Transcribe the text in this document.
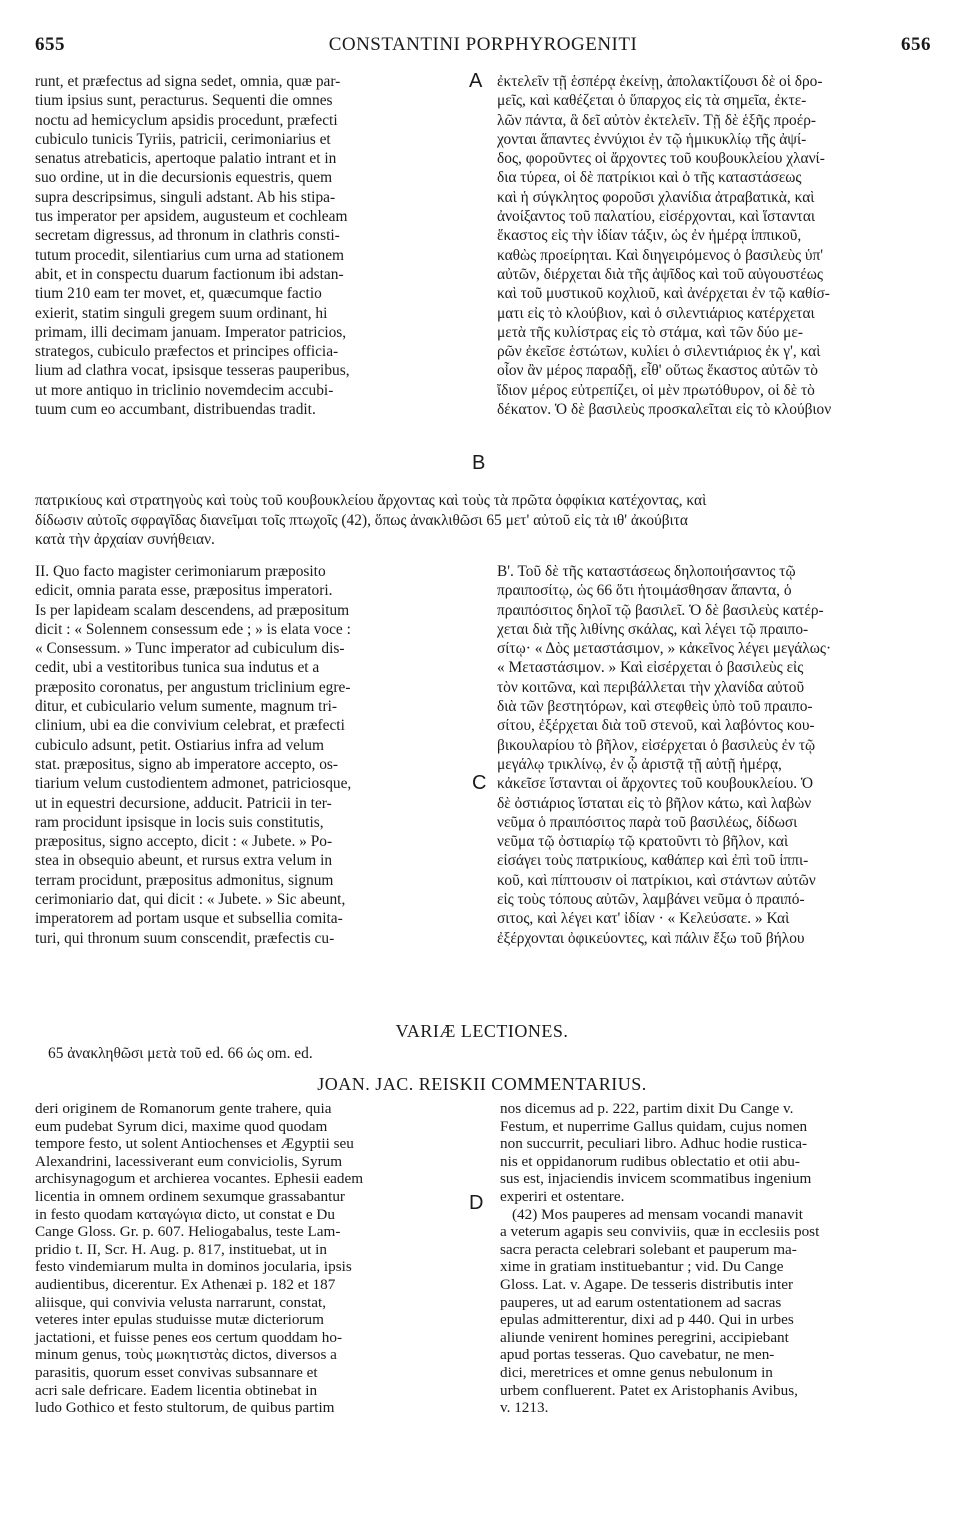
655	CONSTANTINI PORPHYROGENITI	656
A
B
C
D

runt, et præfectus ad signa sedet, omnia, quæ par-

tium ipsius sunt, peracturus. Sequenti die omnes

noctu ad hemicyclum apsidis procedunt, præfecti

cubiculo tunicis Tyriis, patricii, cerimoniarius et

senatus atrebaticis, apertoque palatio intrant et in

suo ordine, ut in die decursionis equestris, quem

supra descripsimus, singuli adstant. Ab his stipa-

tus imperator per apsidem, augusteum et cochleam

secretam digressus, ad thronum in clathris consti-

tutum procedit, silentiarius cum urna ad stationem

abit, et in conspectu duarum factionum ibi adstan-

tium 210 eam ter movet, et, quæcumque factio

exierit, statim singuli gregem suum ordinant, hi

primam, illi decimam januam. Imperator patricios,

strategos, cubiculo præfectos et principes officia-

lium ad clathra vocat, ipsisque tesseras pauperibus,

ut more antiquo in triclinio novemdecim accubi-

tuum cum eo accumbant, distribuendas tradit.

ἐκτελεῖν τῇ ἑσπέρᾳ ἐκείνῃ, ἀπολακτίζουσι δὲ οἱ δρο-

μεῖς, καὶ καθέζεται ὁ ὕπαρχος εἰς τὰ σημεῖα, ἐκτε-

λῶν πάντα, ἃ δεῖ αὐτὸν ἐκτελεῖν. Τῇ δὲ ἑξῆς προέρ-

χονται ἅπαντες ἐννύχιοι ἐν τῷ ἡμικυκλίῳ τῆς ἀψί-

δος, φοροῦντες οἱ ἄρχοντες τοῦ κουβουκλείου χλανί-

δια τύρεα, οἱ δὲ πατρίκιοι καὶ ὁ τῆς καταστάσεως

καὶ ἡ σύγκλητος φοροῦσι χλανίδια ἀτραβατικὰ, καὶ

ἀνοίξαντος τοῦ παλατίου, εἰσέρχονται, καὶ ἵστανται

ἕκαστος εἰς τὴν ἰδίαν τάξιν, ὡς ἐν ἡμέρᾳ ἱππικοῦ,

καθὼς προείρηται. Καὶ διηγειρόμενος ὁ βασιλεὺς ὑπ'

αὐτῶν, διέρχεται διὰ τῆς ἀψῖδος καὶ τοῦ αὐγουστέως

καὶ τοῦ μυστικοῦ κοχλιοῦ, καὶ ἀνέρχεται ἐν τῷ καθίσ-

ματι εἰς τὸ κλούβιον, καὶ ὁ σιλεντιάριος κατέρχεται

μετὰ τῆς κυλίστρας εἰς τὸ στάμα, καὶ τῶν δύο με-

ρῶν ἐκεῖσε ἑστώτων, κυλίει ὁ σιλεντιάριος ἐκ γ', καὶ

οἷον ἂν μέρος παραδῇ, εἶθ' οὕτως ἕκαστος αὐτῶν τὸ

ἴδιον μέρος εὐτρεπίζει, οἱ μὲν πρωτόθυρον, οἱ δὲ τὸ

δέκατον. Ὁ δὲ βασιλεὺς προσκαλεῖται εἰς τὸ κλούβιον

πατρικίους καὶ στρατηγοὺς καὶ τοὺς τοῦ κουβουκλείου ἄρχοντας καὶ τοὺς τὰ πρῶτα ὀφφίκια κατέχοντας, καὶ

δίδωσιν αὐτοῖς σφραγῖδας διανεῖμαι τοῖς πτωχοῖς (42), ὅπως ἀνακλιθῶσι 65 μετ' αὐτοῦ εἰς τὰ ιθ' ἀκούβιτα

κατὰ τὴν ἀρχαίαν συνήθειαν.

II. Quo facto magister cerimoniarum præposito

edicit, omnia parata esse, præpositus imperatori.

Is per lapideam scalam descendens, ad præpositum

dicit : « Solennem consessum ede ; » is elata voce :

« Consessum. » Tunc imperator ad cubiculum dis-

cedit, ubi a vestitoribus tunica sua indutus et a

præposito coronatus, per angustum triclinium egre-

ditur, et cubiculario velum sumente, magnum tri-

clinium, ubi ea die convivium celebrat, et præfecti

cubiculo adsunt, petit. Ostiarius infra ad velum

stat. præpositus, signo ab imperatore accepto, os-

tiarium velum custodientem admonet, patriciosque,

ut in equestri decursione, adducit. Patricii in ter-

ram procidunt ipsisque in locis suis constitutis,

præpositus, signo accepto, dicit : « Jubete. » Po-

stea in obsequio abeunt, et rursus extra velum in

terram procidunt, præpositus admonitus, signum

cerimoniario dat, qui dicit : « Jubete. » Sic abeunt,

imperatorem ad portam usque et subsellia comita-

turi, qui thronum suum conscendit, præfectis cu-

Β'. Τοῦ δὲ τῆς καταστάσεως δηλοποιήσαντος τῷ

πραιποσίτῳ, ὡς 66 ὅτι ἡτοιμάσθησαν ἅπαντα, ὁ

πραιπόσιτος δηλοῖ τῷ βασιλεῖ. Ὁ δὲ βασιλεὺς κατέρ-

χεται διὰ τῆς λιθίνης σκάλας, καὶ λέγει τῷ πραιπο-

σίτῳ· « Δὸς μεταστάσιμον, » κἀκεῖνος λέγει μεγάλως·

« Μεταστάσιμον. » Καὶ εἰσέρχεται ὁ βασιλεὺς εἰς

τὸν κοιτῶνα, καὶ περιβάλλεται τὴν χλανίδα αὐτοῦ

διὰ τῶν βεστητόρων, καὶ στεφθεὶς ὑπὸ τοῦ πραιπο-

σίτου, ἐξέρχεται διὰ τοῦ στενοῦ, καὶ λαβόντος κου-

βικουλαρίου τὸ βῆλον, εἰσέρχεται ὁ βασιλεὺς ἐν τῷ

μεγάλῳ τρικλίνῳ, ἐν ᾧ ἀριστᾷ τῇ αὐτῇ ἡμέρᾳ,

κἀκεῖσε ἵστανται οἱ ἄρχοντες τοῦ κουβουκλείου. Ὁ

δὲ ὀστιάριος ἵσταται εἰς τὸ βῆλον κάτω, καὶ λαβὼν

νεῦμα ὁ πραιπόσιτος παρὰ τοῦ βασιλέως, δίδωσι

νεῦμα τῷ ὀστιαρίῳ τῷ κρατοῦντι τὸ βῆλον, καὶ

εἰσάγει τοὺς πατρικίους, καθάπερ καὶ ἐπὶ τοῦ ἱππι-

κοῦ, καὶ πίπτουσιν οἱ πατρίκιοι, καὶ στάντων αὐτῶν

εἰς τοὺς τόπους αὐτῶν, λαμβάνει νεῦμα ὁ πραιπό-

σιτος, καὶ λέγει κατ' ἰδίαν · « Κελεύσατε. » Καὶ

ἐξέρχονται ὀφικεύοντες, καὶ πάλιν ἔξω τοῦ βήλου

VARIÆ LECTIONES.
65 ἀνακληθῶσι μετὰ τοῦ ed. 66 ὡς om. ed.
JOAN. JAC. REISKII COMMENTARIUS.

deri originem de Romanorum gente trahere, quia

eum pudebat Syrum dici, maxime quod quodam

tempore festo, ut solent Antiochenses et Ægyptii seu

Alexandrini, lacessiverant eum conviciolis, Syrum

archisynagogum et archierea vocantes. Ephesii eadem

licentia in omnem ordinem sexumque grassabantur

in festo quodam καταγώγια dicto, ut constat e Du

Cange Gloss. Gr. p. 607. Heliogabalus, teste Lam-

pridio t. II, Scr. H. Aug. p. 817, instituebat, ut in

festo vindemiarum multa in dominos jocularia, ipsis

audientibus, dicerentur. Ex Athenæi p. 182 et 187

aliisque, qui convivia velusta narrarunt, constat,

veteres inter epulas studuisse mutæ dicteriorum

jactationi, et fuisse penes eos certum quoddam ho-

minum genus, τοὺς μωκητιστὰς dictos, diversos a

parasitis, quorum esset convivas subsannare et

acri sale defricare. Eadem licentia obtinebat in

ludo Gothico et festo stultorum, de quibus partim

nos dicemus ad p. 222, partim dixit Du Cange v.

Festum, et nuperrime Gallus quidam, cujus nomen

non succurrit, peculiari libro. Adhuc hodie rustica-

nis et oppidanorum rudibus oblectatio et otii abu-

sus est, injaciendis invicem scommatibus ingenium

experiri et ostentare.

(42) Mos pauperes ad mensam vocandi manavit

a veterum agapis seu conviviis, quæ in ecclesiis post

sacra peracta celebrari solebant et pauperum ma-

xime in gratiam instituebantur ; vid. Du Cange

Gloss. Lat. v. Agape. De tesseris distributis inter

pauperes, ut ad earum ostentationem ad sacras

epulas admitterentur, dixi ad p 440. Qui in urbes

aliunde venirent homines peregrini, accipiebant

apud portas tesseras. Quo cavebatur, ne men-

dici, meretrices et omne genus nebulonum in

urbem confluerent. Patet ex Aristophanis Avibus,

v. 1213.
